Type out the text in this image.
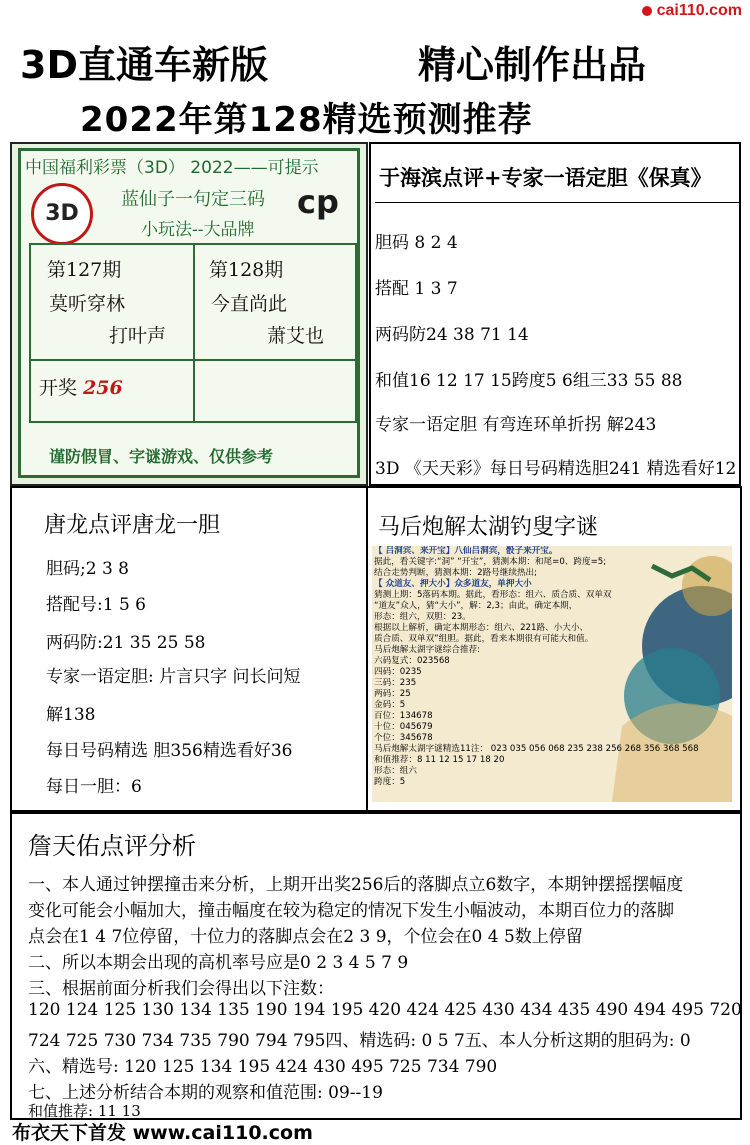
cai110.com
3D直通车新版	精心制作出品
2022年第128精选预测推荐
中国福利彩票（3D） 2022——可提示
3D
蓝仙子一句定三码
小玩法--大品牌
cp
第127期
莫听穿林
打叶声
第128期
今直尚此
萧艾也
开奖 256
谨防假冒、字谜游戏、仅供参考
于海滨点评+专家一语定胆《保真》
胆码 8 2 4
搭配 1 3 7
两码防24 38 71 14
和值16 12 17 15跨度5 6组三33 55 88
专家一语定胆 有弯连环单折拐 解243
3D 《天天彩》每日号码精选胆241 精选看好12
唐龙点评唐龙一胆
胆码;2 3 8
搭配号:1 5 6
两码防:21 35 25 58
专家一语定胆: 片言只字 问长问短
解138
每日号码精选 胆356精选看好36
每日一胆：6
马后炮解太湖钓叟字谜
【 吕洞宾、来开宝】八仙吕洞宾，骰子来开宝。
据此，看关键字:“洞” “开宝”，猜测本期：和尾=0、跨度=5;
结合走势判断，猜测本期：2路号继续热出;
【 众道友、押大小】众多道友，单押大小
猜测上期：5落码本期。据此，看形态：组六、质合质、双单双
“道友”众人，猜“大小”，解：2,3；由此，确定本期，
形态：组六，双胆：23。
根据以上解析，确定本期形态：组六、221路、小大小、
质合质、双单双”组胆。据此，看来本期很有可能大和值。
马后炮解太湖字谜综合推荐:
六码复式：023568
四码：0235
三码：235
两码：25
金码：5
百位：134678
十位：045679
个位：345678
马后炮解太湖字谜精选11注： 023 035 056 068 235 238 256 268 356 368 568
和值推荐：8 11 12 15 17 18 20
形态：组六
跨度：5
詹天佑点评分析
一、本人通过钟摆撞击来分析，上期开出奖256后的落脚点立6数字，本期钟摆摇摆幅度
变化可能会小幅加大，撞击幅度在较为稳定的情况下发生小幅波动，本期百位力的落脚
点会在1 4 7位停留，十位力的落脚点会在2 3 9，个位会在0 4 5数上停留
二、所以本期会出现的高机率号应是0 2 3 4 5 7 9
三、根据前面分析我们会得出以下注数：
120 124 125 130 134 135 190 194 195 420 424 425 430 434 435 490 494 495 720
724 725 730 734 735 790 794 795四、精选码: 0 5 7五、本人分析这期的胆码为: 0
六、精选号: 120 125 134 195 424 430 495 725 734 790
七、上述分析结合本期的观察和值范围: 09--19
和值推荐: 11 13
布衣天下首发 www.cai110.com
